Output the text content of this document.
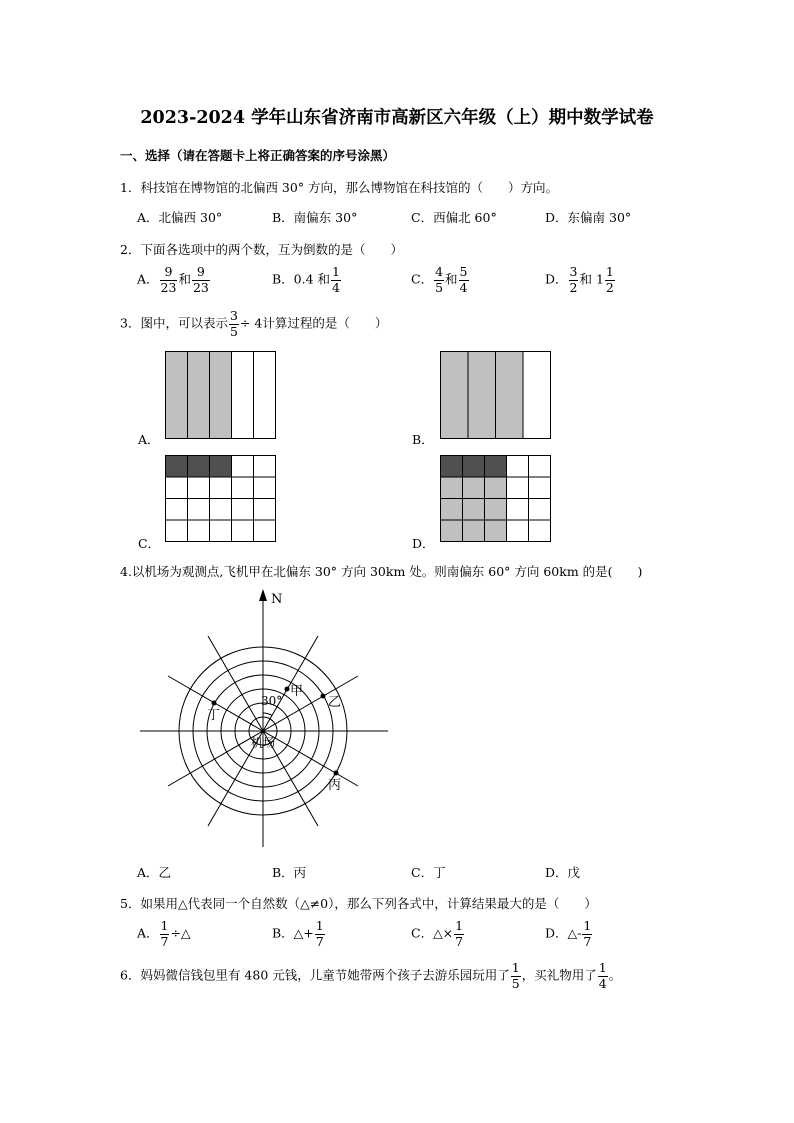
2023-2024 学年山东省济南市高新区六年级（上）期中数学试卷
一、选择（请在答题卡上将正确答案的序号涂黑）
1．科技馆在博物馆的北偏西 30° 方向，那么博物馆在科技馆的（　　）方向。
A．北偏西 30°	B．南偏东 30°	C．西偏北 60°	D．东偏南 30°
2．下面各选项中的两个数，互为倒数的是（　　）
A． $\frac{9}{23}$ 和 $\frac{9}{23}$	B．0.4 和 $\frac{1}{4}$	C． $\frac{4}{5}$ 和 $\frac{5}{4}$	D． $\frac{3}{2}$ 和 $1 \frac{1}{2}$
3．图中，可以表示 $\frac{3}{5} \div 4$计算过程的是（　　）
A．	B．
C．	D．
4.以机场为观测点,飞机甲在北偏东 30° 方向 30km 处。则南偏东 60° 方向 60km 的是(　　)
N
30°
甲
乙
丁
丙
机场
A．乙	B．丙	C．丁	D．戊
5．如果用△代表同一个自然数（△≠0），那么下列各式中，计算结果最大的是（　　）
A． $\frac{1}{7}$ ÷△	B．△+ $\frac{1}{7}$	C．△× $\frac{1}{7}$	D．△- $\frac{1}{7}$
6．妈妈微信钱包里有 480 元钱，儿童节她带两个孩子去游乐园玩用了 $\frac{1}{5}$ ，买礼物用了 $\frac{1}{4}$ 。
